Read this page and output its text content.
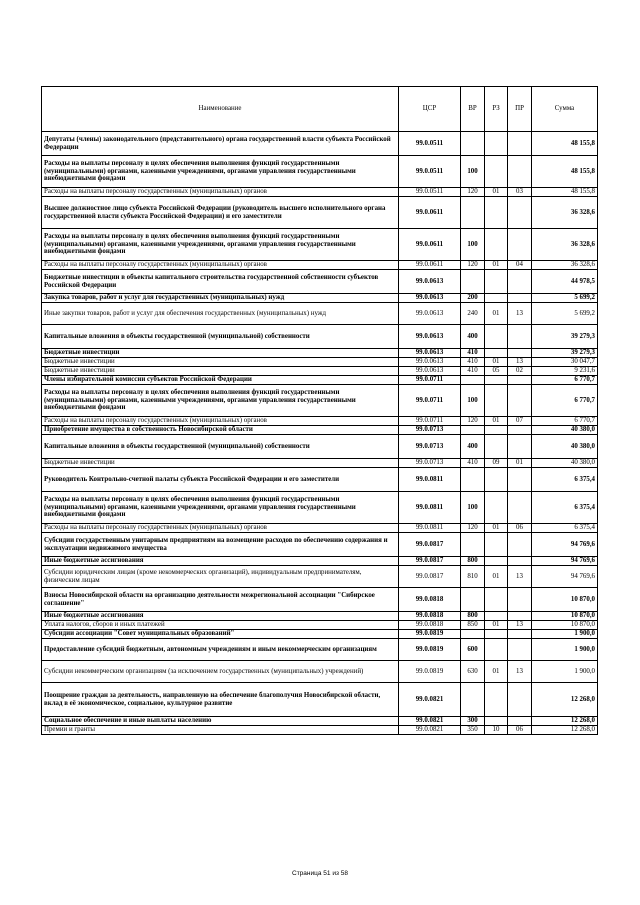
Наименование	ЦСР	ВР	РЗ	ПР	Сумма
Депутаты (члены) законодательного (представительного) органа государственной власти субъекта Российской Федерации	99.0.0511				48 155,8
Расходы на выплаты персоналу в целях обеспечения выполнения функций государственными (муниципальными) органами, казенными учреждениями, органами управления государственными внебюджетными фондами	99.0.0511	100			48 155,8
Расходы на выплаты персоналу государственных (муниципальных) органов	99.0.0511	120	01	03	48 155,8
Высшее должностное лицо субъекта Российской Федерации (руководитель высшего исполнительного органа государственной власти субъекта Российской Федерации) и его заместители	99.0.0611				36 328,6
Расходы на выплаты персоналу в целях обеспечения выполнения функций государственными (муниципальными) органами, казенными учреждениями, органами управления государственными внебюджетными фондами	99.0.0611	100			36 328,6
Расходы на выплаты персоналу государственных (муниципальных) органов	99.0.0611	120	01	04	36 328,6
Бюджетные инвестиции в объекты капитального строительства государственной собственности субъектов Российской Федерации	99.0.0613				44 978,5
Закупка товаров, работ и услуг для государственных (муниципальных) нужд	99.0.0613	200			5 699,2
Иные закупки товаров, работ и услуг для обеспечения государственных (муниципальных) нужд	99.0.0613	240	01	13	5 699,2
Капитальные вложения в объекты государственной (муниципальной) собственности	99.0.0613	400			39 279,3
Бюджетные инвестиции	99.0.0613	410			39 279,3
Бюджетные инвестиции	99.0.0613	410	01	13	30 047,7
Бюджетные инвестиции	99.0.0613	410	05	02	9 231,6
Члены избирательной комиссии субъектов Российской Федерации	99.0.0711				6 770,7
Расходы на выплаты персоналу в целях обеспечения выполнения функций государственными (муниципальными) органами, казенными учреждениями, органами управления государственными внебюджетными фондами	99.0.0711	100			6 770,7
Расходы на выплаты персоналу государственных (муниципальных) органов	99.0.0711	120	01	07	6 770,7
Приобретение имущества в собственность Новосибирской области	99.0.0713				40 380,0
Капитальные вложения в объекты государственной (муниципальной) собственности	99.0.0713	400			40 380,0
Бюджетные инвестиции	99.0.0713	410	09	01	40 380,0
Руководитель Контрольно-счетной палаты субъекта Российской Федерации и его заместители	99.0.0811				6 375,4
Расходы на выплаты персоналу в целях обеспечения выполнения функций государственными (муниципальными) органами, казенными учреждениями, органами управления государственными внебюджетными фондами	99.0.0811	100			6 375,4
Расходы на выплаты персоналу государственных (муниципальных) органов	99.0.0811	120	01	06	6 375,4
Субсидии государственным унитарным предприятиям на возмещение расходов по обеспечению содержания и эксплуатации недвижимого имущества	99.0.0817				94 769,6
Иные бюджетные ассигнования	99.0.0817	800			94 769,6
Субсидии юридическим лицам (кроме некоммерческих организаций), индивидуальным предпринимателям, физическим лицам	99.0.0817	810	01	13	94 769,6
Взносы Новосибирской области на организацию деятельности межрегиональной ассоциации "Сибирское соглашение"	99.0.0818				10 870,0
Иные бюджетные ассигнования	99.0.0818	800			10 870,0
Уплата налогов, сборов и иных платежей	99.0.0818	850	01	13	10 870,0
Субсидии ассоциации "Совет муниципальных образований"	99.0.0819				1 900,0
Предоставление субсидий бюджетным, автономным учреждениям и иным некоммерческим организациям	99.0.0819	600			1 900,0
Субсидии некоммерческим организациям (за исключением государственных (муниципальных) учреждений)	99.0.0819	630	01	13	1 900,0
Поощрение граждан за деятельность, направленную на обеспечение благополучия Новосибирской области, вклад в её экономическое, социальное, культурное развитие	99.0.0821				12 268,0
Социальное обеспечение и иные выплаты населению	99.0.0821	300			12 268,0
Премии и гранты	99.0.0821	350	10	06	12 268,0
Страница 51 из 58
